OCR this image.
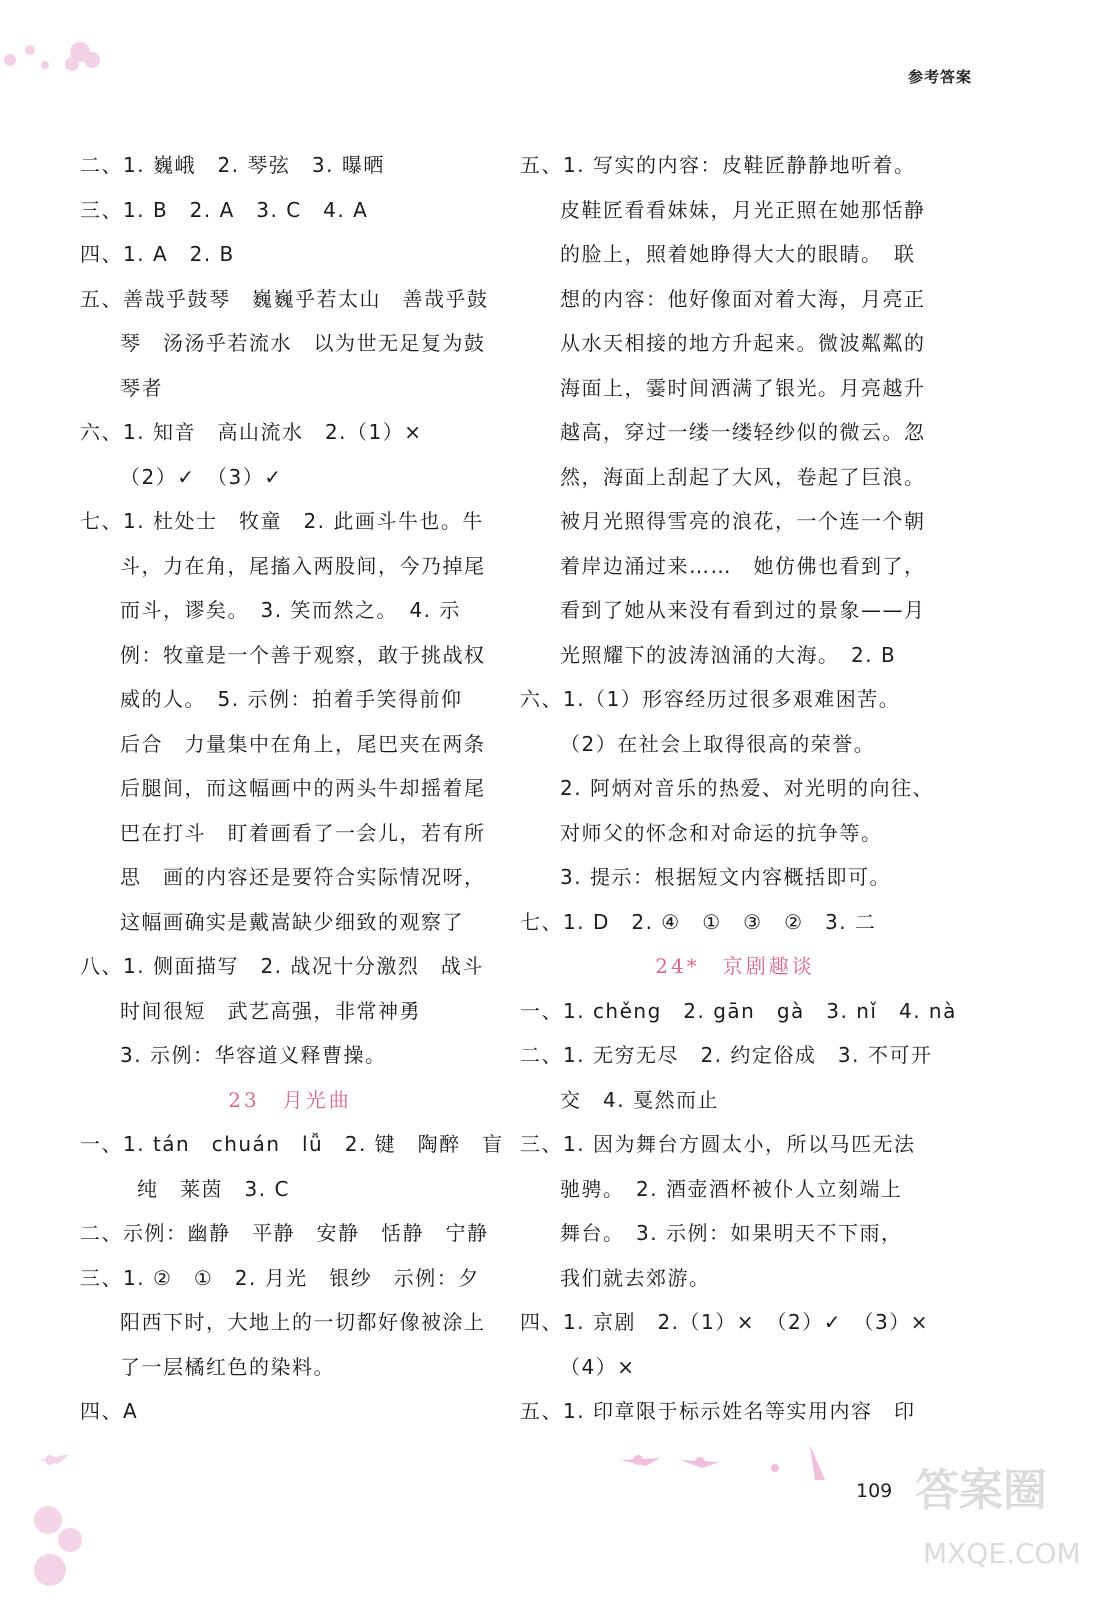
参考答案
二、1. 巍峨　2. 琴弦　3. 曝晒
三、1. B　2. A　3. C　4. A
四、1. A　2. B
五、善哉乎鼓琴　巍巍乎若太山　善哉乎鼓
琴　汤汤乎若流水　以为世无足复为鼓
琴者
六、1. 知音　高山流水　2.（1）×
（2）✓　（3）✓
七、1. 杜处士　牧童　2. 此画斗牛也。牛
斗，力在角，尾搐入两股间，今乃掉尾
而斗，谬矣。　3. 笑而然之。　4. 示
例：牧童是一个善于观察，敢于挑战权
威的人。　5. 示例：拍着手笑得前仰
后合　力量集中在角上，尾巴夹在两条
后腿间，而这幅画中的两头牛却摇着尾
巴在打斗　盯着画看了一会儿，若有所
思　画的内容还是要符合实际情况呀，
这幅画确实是戴嵩缺少细致的观察了
八、1. 侧面描写　2. 战况十分激烈　战斗
时间很短　武艺高强，非常神勇
3. 示例：华容道义释曹操。
23　月光曲
一、1. tán　chuán　lǚ　2. 键　陶醉　盲
纯　莱茵　3. C
二、示例：幽静　平静　安静　恬静　宁静
三、1. ②　①　2. 月光　银纱　示例：夕
阳西下时，大地上的一切都好像被涂上
了一层橘红色的染料。
四、A
五、1. 写实的内容：皮鞋匠静静地听着。
皮鞋匠看看妹妹，月光正照在她那恬静
的脸上，照着她睁得大大的眼睛。　联
想的内容：他好像面对着大海，月亮正
从水天相接的地方升起来。微波粼粼的
海面上，霎时间洒满了银光。月亮越升
越高，穿过一缕一缕轻纱似的微云。忽
然，海面上刮起了大风，卷起了巨浪。
被月光照得雪亮的浪花，一个连一个朝
着岸边涌过来……　她仿佛也看到了，
看到了她从来没有看到过的景象——月
光照耀下的波涛汹涌的大海。　2. B
六、1.（1）形容经历过很多艰难困苦。
（2）在社会上取得很高的荣誉。
2. 阿炳对音乐的热爱、对光明的向往、
对师父的怀念和对命运的抗争等。
3. 提示：根据短文内容概括即可。
七、1. D　2. ④　①　③　②　3. 二
24*　京剧趣谈
一、1. chěng　2. gān　gà　3. nǐ　4. nà
二、1. 无穷无尽　2. 约定俗成　3. 不可开
交　4. 戛然而止
三、1. 因为舞台方圆太小，所以马匹无法
驰骋。　2. 酒壶酒杯被仆人立刻端上
舞台。　3. 示例：如果明天不下雨，
我们就去郊游。
四、1. 京剧　2.（1）×　（2）✓　（3）×
（4）×
五、1. 印章限于标示姓名等实用内容　印
109 答案圈
MXQE.COM
